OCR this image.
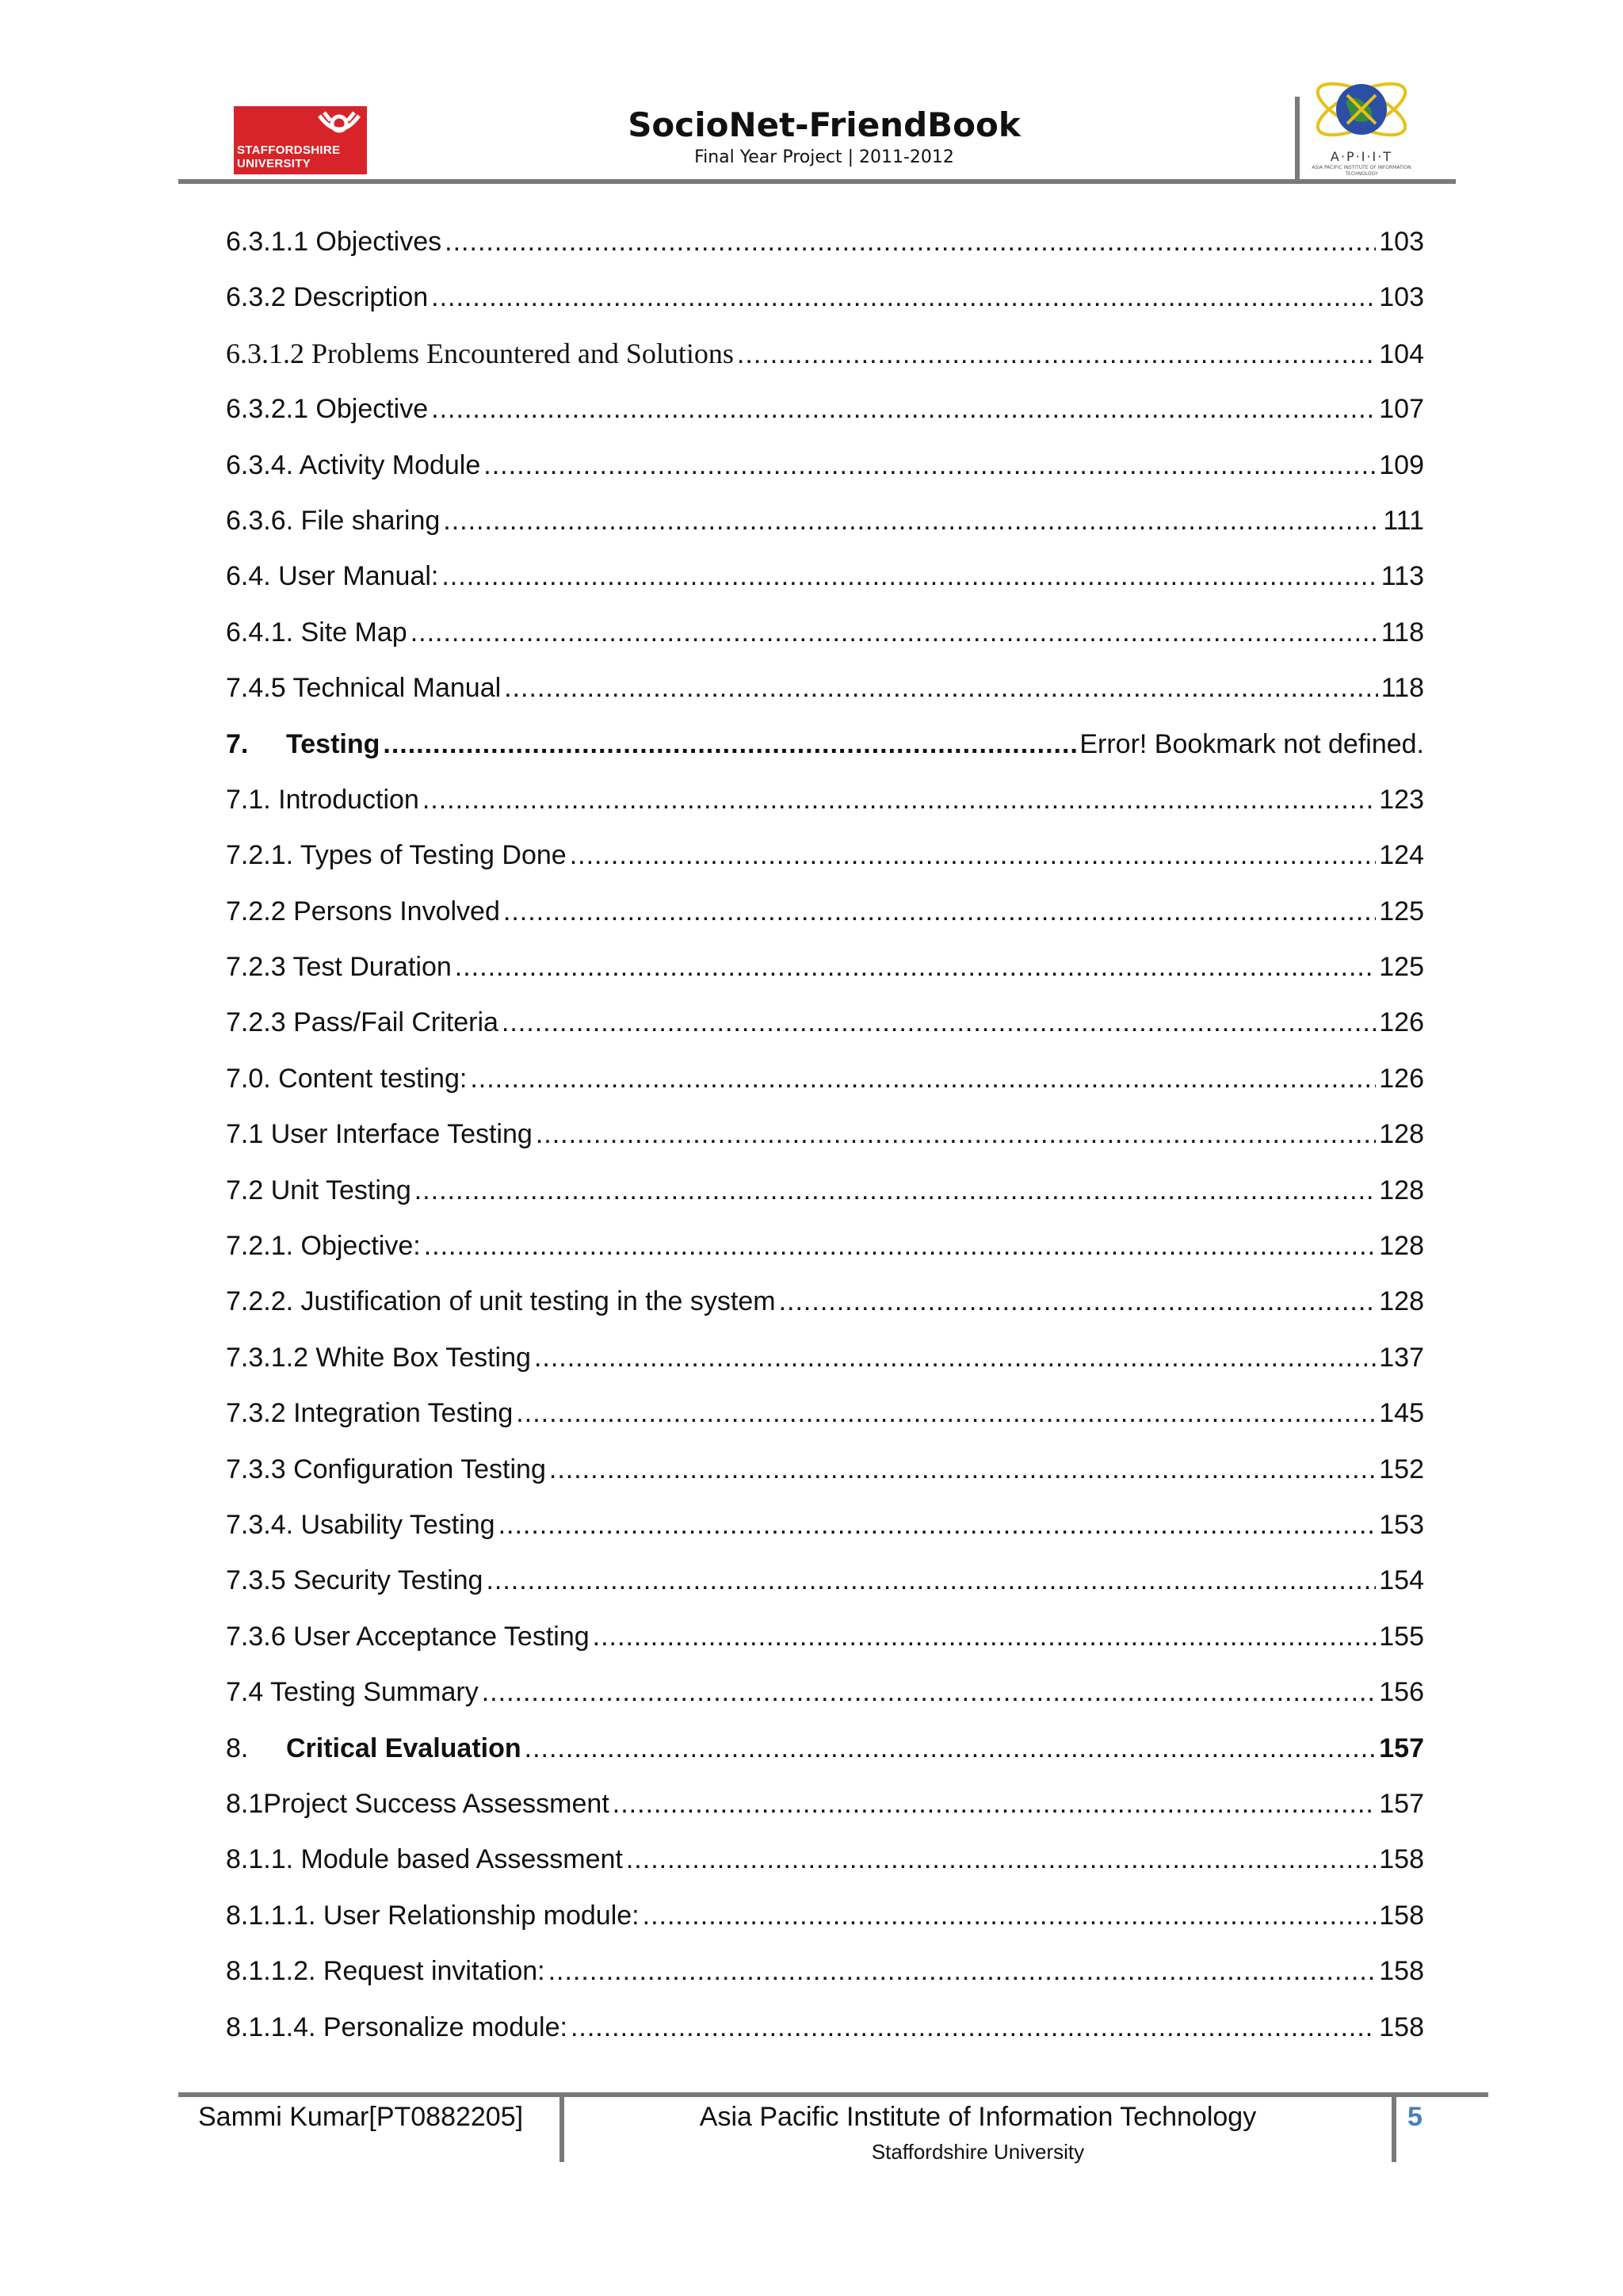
STAFFORDSHIRE
UNIVERSITY
SocioNet-FriendBook
Final Year Project | 2011-2012	A·P·I·I·T
ASIA PACIFIC INSTITUTE OF INFORMATION TECHNOLOGY
6.3.1.1 Objectives .....	103
6.3.2 Description .....	103
6.3.1.2 Problems Encountered and Solutions .....	104
6.3.2.1 Objective .....	107
6.3.4. Activity Module .....	109
6.3.6. File sharing .....	111
6.4. User Manual: .....	113
6.4.1. Site Map .....	118
7.4.5 Technical Manual .....	118
7. Testing .....	Error! Bookmark not defined.
7.1. Introduction .....	123
7.2.1. Types of Testing Done .....	124
7.2.2 Persons Involved .....	125
7.2.3 Test Duration .....	125
7.2.3 Pass/Fail Criteria .....	126
7.0. Content testing: .....	126
7.1 User Interface Testing .....	128
7.2 Unit Testing .....	128
7.2.1. Objective: .....	128
7.2.2. Justification of unit testing in the system .....	128
7.3.1.2 White Box Testing .....	137
7.3.2 Integration Testing .....	145
7.3.3 Configuration Testing .....	152
7.3.4. Usability Testing .....	153
7.3.5 Security Testing .....	154
7.3.6 User Acceptance Testing .....	155
7.4 Testing Summary .....	156
8. Critical Evaluation .....	157
8.1Project Success Assessment .....	157
8.1.1. Module based Assessment .....	158
8.1.1.1. User Relationship module: .....	158
8.1.1.2. Request invitation: .....	158
8.1.1.4. Personalize module: .....	158
Sammi Kumar[PT0882205]	Asia Pacific Institute of Information Technology
Staffordshire University
5
